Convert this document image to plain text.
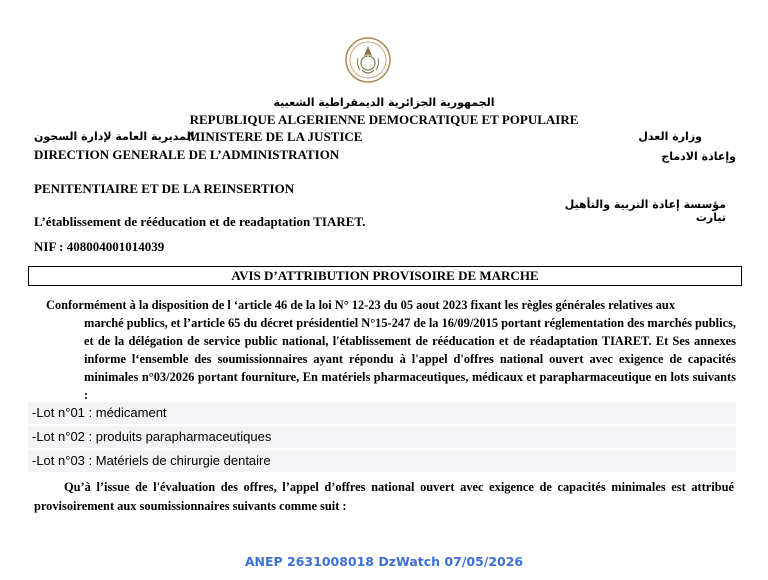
الجمهورية الجزائرية الديمقراطية الشعبية
REPUBLIQUE ALGERIENNE DEMOCRATIQUE ET POPULAIRE
المديرية العامة لإدارة السجون
MINISTERE DE LA JUSTICE	وزارة العدل
DIRECTION GENERALE DE L’ADMINISTRATION	وإعادة الادماج
PENITENTIAIRE ET DE LA REINSERTION
مؤسسة إعادة التربية والتأهيل تيارت
L’établissement de rééducation et de readaptation TIARET.
NIF : 408004001014039
AVIS D’ATTRIBUTION PROVISOIRE DE MARCHE
Conformément à la disposition de l ‘article 46 de la loi N° 12-23 du 05 aout 2023 fixant les règles générales relatives aux
marché publics, et l’article 65 du décret présidentiel N°15-247 de la 16/09/2015 portant réglementation des marchés publics, et de la délégation de service public national, l'établissement de rééducation et de réadaptation TIARET. Et Ses annexes informe l‘ensemble des soumissionnaires ayant répondu à l'appel d'offres national ouvert avec exigence de capacités minimales n°03/2026 portant fourniture, En matériels pharmaceutiques, médicaux et parapharmaceutique en lots suivants :
-Lot n°01 : médicament
-Lot n°02 : produits parapharmaceutiques
-Lot n°03 : Matériels de chirurgie dentaire
Qu’à l’issue de l'évaluation des offres, l’appel d’offres national ouvert avec exigence de capacités minimales est attribué provisoirement aux soumissionnaires suivants comme suit :
ANEP 2631008018 DzWatch 07/05/2026
